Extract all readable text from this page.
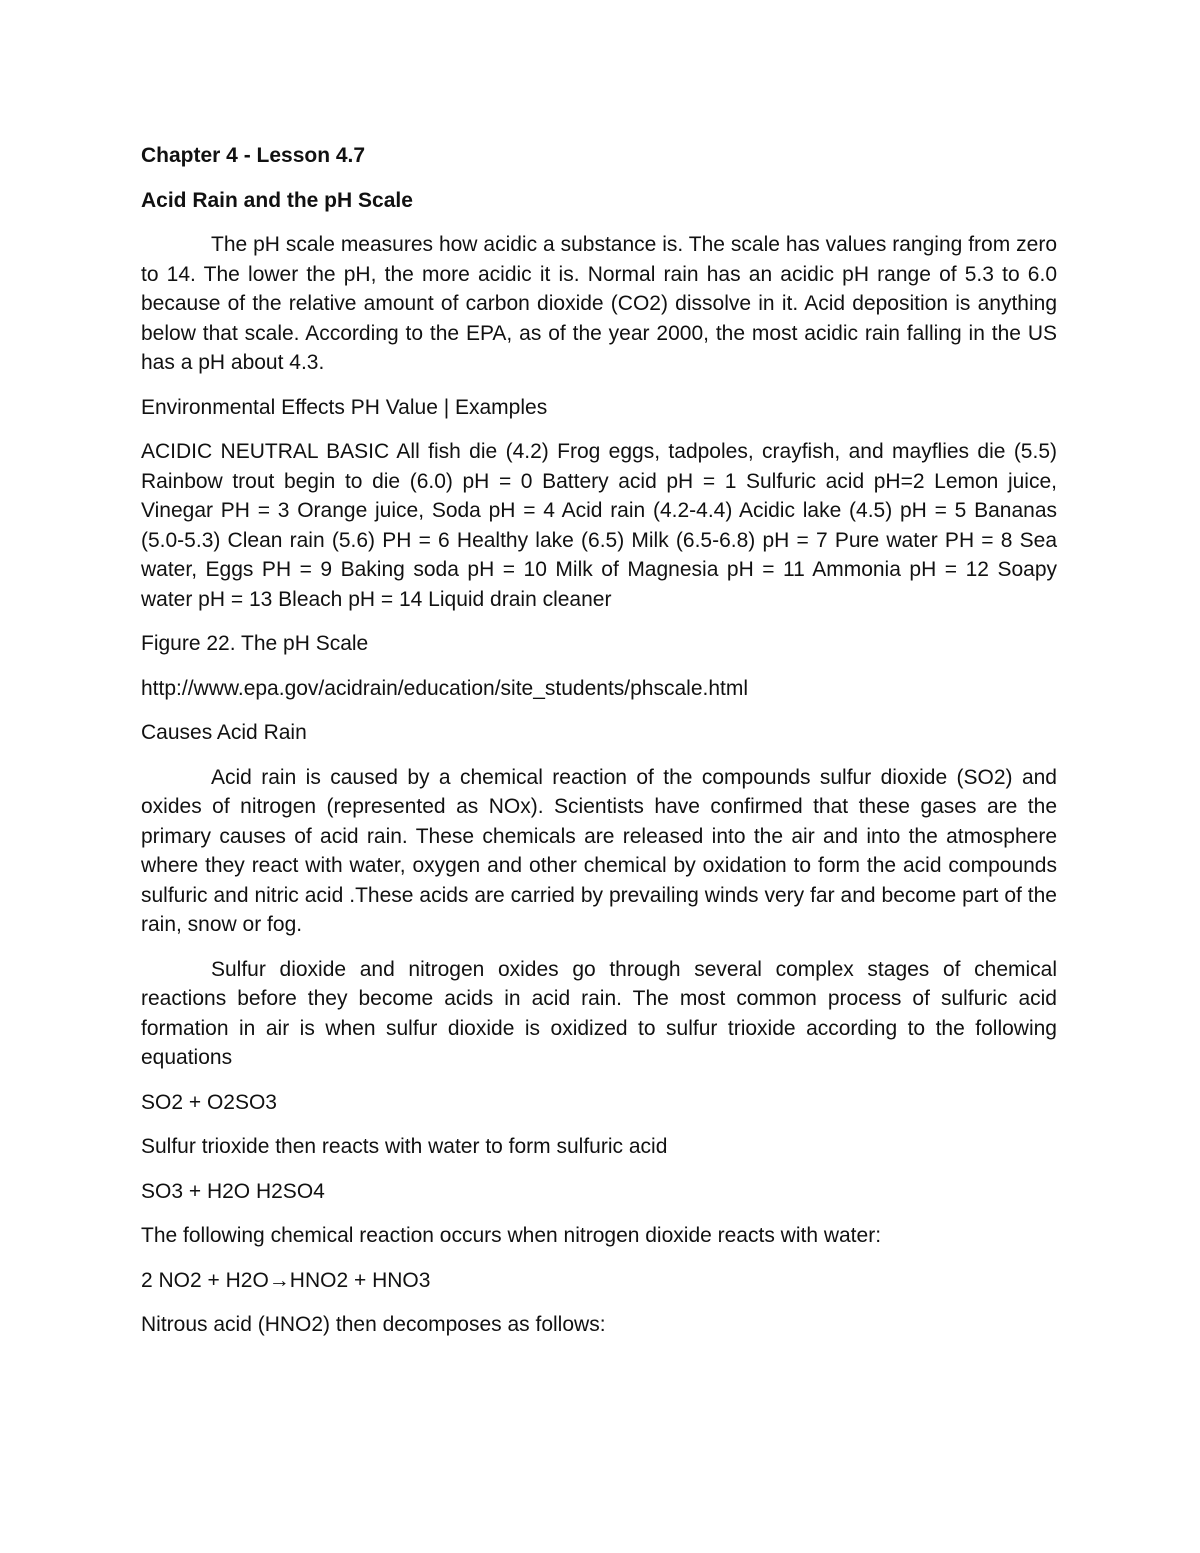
Chapter 4 - Lesson 4.7

Acid Rain and the pH Scale

The pH scale measures how acidic a substance is. The scale has values ranging from zero to 14. The lower the pH, the more acidic it is. Normal rain has an acidic pH range of 5.3 to 6.0 because of the relative amount of carbon dioxide (CO2) dissolve in it. Acid deposition is anything below that scale. According to the EPA, as of the year 2000, the most acidic rain falling in the US has a pH about 4.3.

Environmental Effects PH Value | Examples

ACIDIC NEUTRAL BASIC All fish die (4.2) Frog eggs, tadpoles, crayfish, and mayflies die (5.5) Rainbow trout begin to die (6.0) pH = 0 Battery acid pH = 1 Sulfuric acid pH=2 Lemon juice, Vinegar PH = 3 Orange juice, Soda pH = 4 Acid rain (4.2-4.4) Acidic lake (4.5) pH = 5 Bananas (5.0-5.3) Clean rain (5.6) PH = 6 Healthy lake (6.5) Milk (6.5-6.8) pH = 7 Pure water PH = 8 Sea water, Eggs PH = 9 Baking soda pH = 10 Milk of Magnesia pH = 11 Ammonia pH = 12 Soapy water pH = 13 Bleach pH = 14 Liquid drain cleaner

Figure 22. The pH Scale

http://www.epa.gov/acidrain/education/site_students/phscale.html

Causes Acid Rain

Acid rain is caused by a chemical reaction of the compounds sulfur dioxide (SO2) and oxides of nitrogen (represented as NOx). Scientists have confirmed that these gases are the primary causes of acid rain. These chemicals are released into the air and into the atmosphere where they react with water, oxygen and other chemical by oxidation to form the acid compounds sulfuric and nitric acid .These acids are carried by prevailing winds very far and become part of the rain, snow or fog.

Sulfur dioxide and nitrogen oxides go through several complex stages of chemical reactions before they become acids in acid rain. The most common process of sulfuric acid formation in air is when sulfur dioxide is oxidized to sulfur trioxide according to the following equations

SO2 + O2SO3

Sulfur trioxide then reacts with water to form sulfuric acid

SO3 + H2O H2SO4

The following chemical reaction occurs when nitrogen dioxide reacts with water:

2 NO2 + H2O→HNO2 + HNO3

Nitrous acid (HNO2) then decomposes as follows:
